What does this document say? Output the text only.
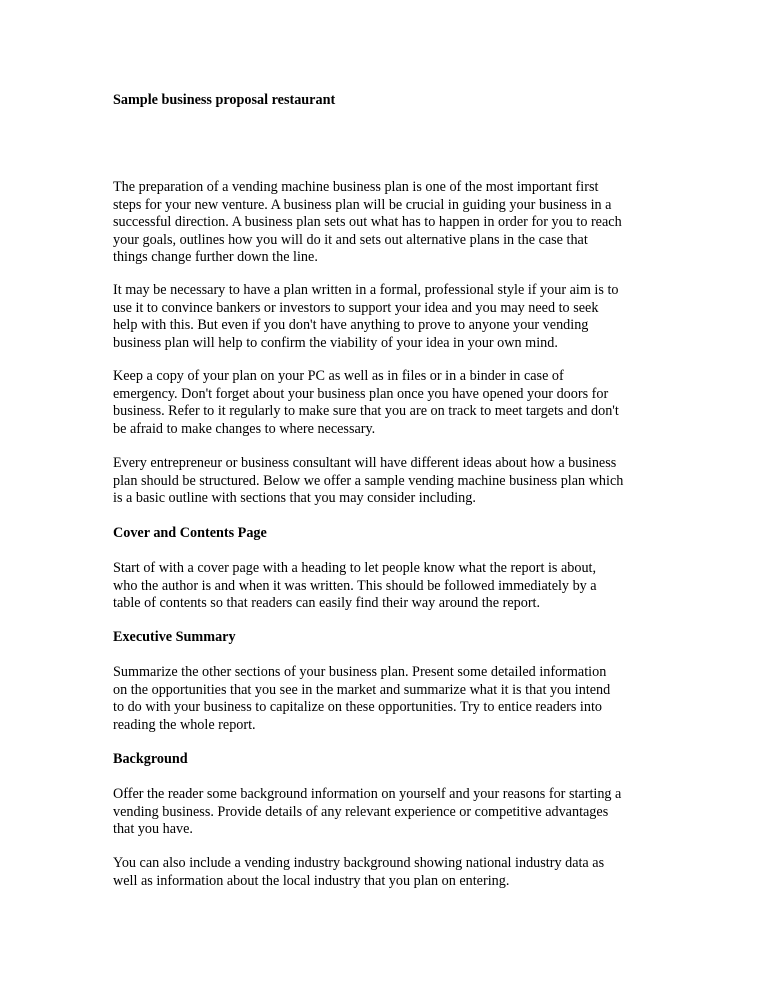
Sample business proposal restaurant
The preparation of a vending machine business plan is one of the most important first
steps for your new venture. A business plan will be crucial in guiding your business in a
successful direction. A business plan sets out what has to happen in order for you to reach
your goals, outlines how you will do it and sets out alternative plans in the case that
things change further down the line.
It may be necessary to have a plan written in a formal, professional style if your aim is to
use it to convince bankers or investors to support your idea and you may need to seek
help with this. But even if you don't have anything to prove to anyone your vending
business plan will help to confirm the viability of your idea in your own mind.
Keep a copy of your plan on your PC as well as in files or in a binder in case of
emergency. Don't forget about your business plan once you have opened your doors for
business. Refer to it regularly to make sure that you are on track to meet targets and don't
be afraid to make changes to where necessary.
Every entrepreneur or business consultant will have different ideas about how a business
plan should be structured. Below we offer a sample vending machine business plan which
is a basic outline with sections that you may consider including.
Cover and Contents Page
Start of with a cover page with a heading to let people know what the report is about,
who the author is and when it was written. This should be followed immediately by a
table of contents so that readers can easily find their way around the report.
Executive Summary
Summarize the other sections of your business plan. Present some detailed information
on the opportunities that you see in the market and summarize what it is that you intend
to do with your business to capitalize on these opportunities. Try to entice readers into
reading the whole report.
Background
Offer the reader some background information on yourself and your reasons for starting a
vending business. Provide details of any relevant experience or competitive advantages
that you have.
You can also include a vending industry background showing national industry data as
well as information about the local industry that you plan on entering.
